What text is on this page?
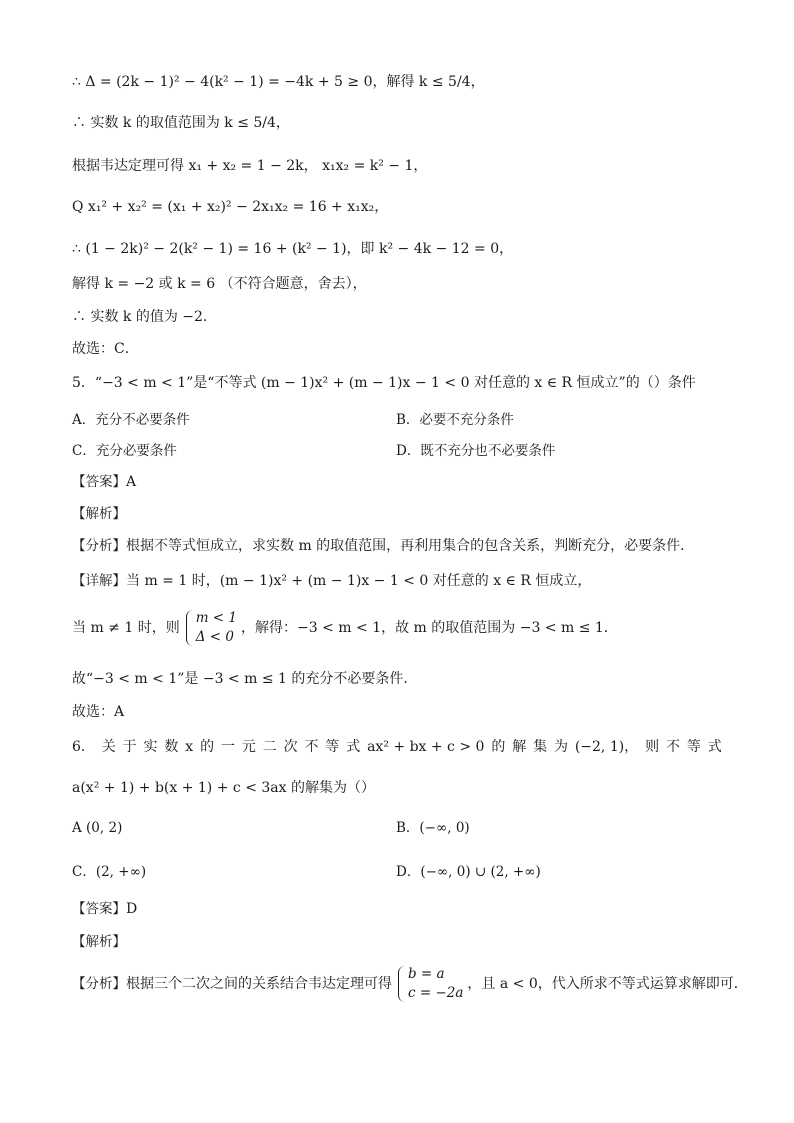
∴ Δ = (2k − 1)² − 4(k² − 1) = −4k + 5 ≥ 0，解得 k ≤ 5/4，
∴ 实数 k 的取值范围为 k ≤ 5/4，
根据韦达定理可得 x₁ + x₂ = 1 − 2k， x₁x₂ = k² − 1，
Q x₁² + x₂² = (x₁ + x₂)² − 2x₁x₂ = 16 + x₁x₂，
∴ (1 − 2k)² − 2(k² − 1) = 16 + (k² − 1)，即 k² − 4k − 12 = 0，
解得 k = −2 或 k = 6 （不符合题意，舍去），
∴ 实数 k 的值为 −2．
故选：C．
5．“−3 < m < 1”是“不等式 (m − 1)x² + (m − 1)x − 1 < 0 对任意的 x ∈ R 恒成立”的（）条件
A．充分不必要条件	B．必要不充分条件
C．充分必要条件	D．既不充分也不必要条件
【答案】A
【解析】
【分析】根据不等式恒成立，求实数 m 的取值范围，再利用集合的包含关系，判断充分，必要条件．
【详解】当 m = 1 时，(m − 1)x² + (m − 1)x − 1 < 0 对任意的 x ∈ R 恒成立，
当 m ≠ 1 时，则
m < 1
Δ < 0
，解得：−3 < m < 1，故 m 的取值范围为 −3 < m ≤ 1．
故“−3 < m < 1”是 −3 < m ≤ 1 的充分不必要条件．
故选：A
6． 关 于 实 数 x 的 一 元 二 次 不 等 式 ax² + bx + c > 0 的 解 集 为 (−2, 1)， 则 不 等 式
a(x² + 1) + b(x + 1) + c < 3ax 的解集为（）
A (0, 2)	B．(−∞, 0)
C．(2, +∞)	D．(−∞, 0) ∪ (2, +∞)
【答案】D
【解析】
【分析】根据三个二次之间的关系结合韦达定理可得
b = a
c = −2a
，且 a < 0，代入所求不等式运算求解即可．
